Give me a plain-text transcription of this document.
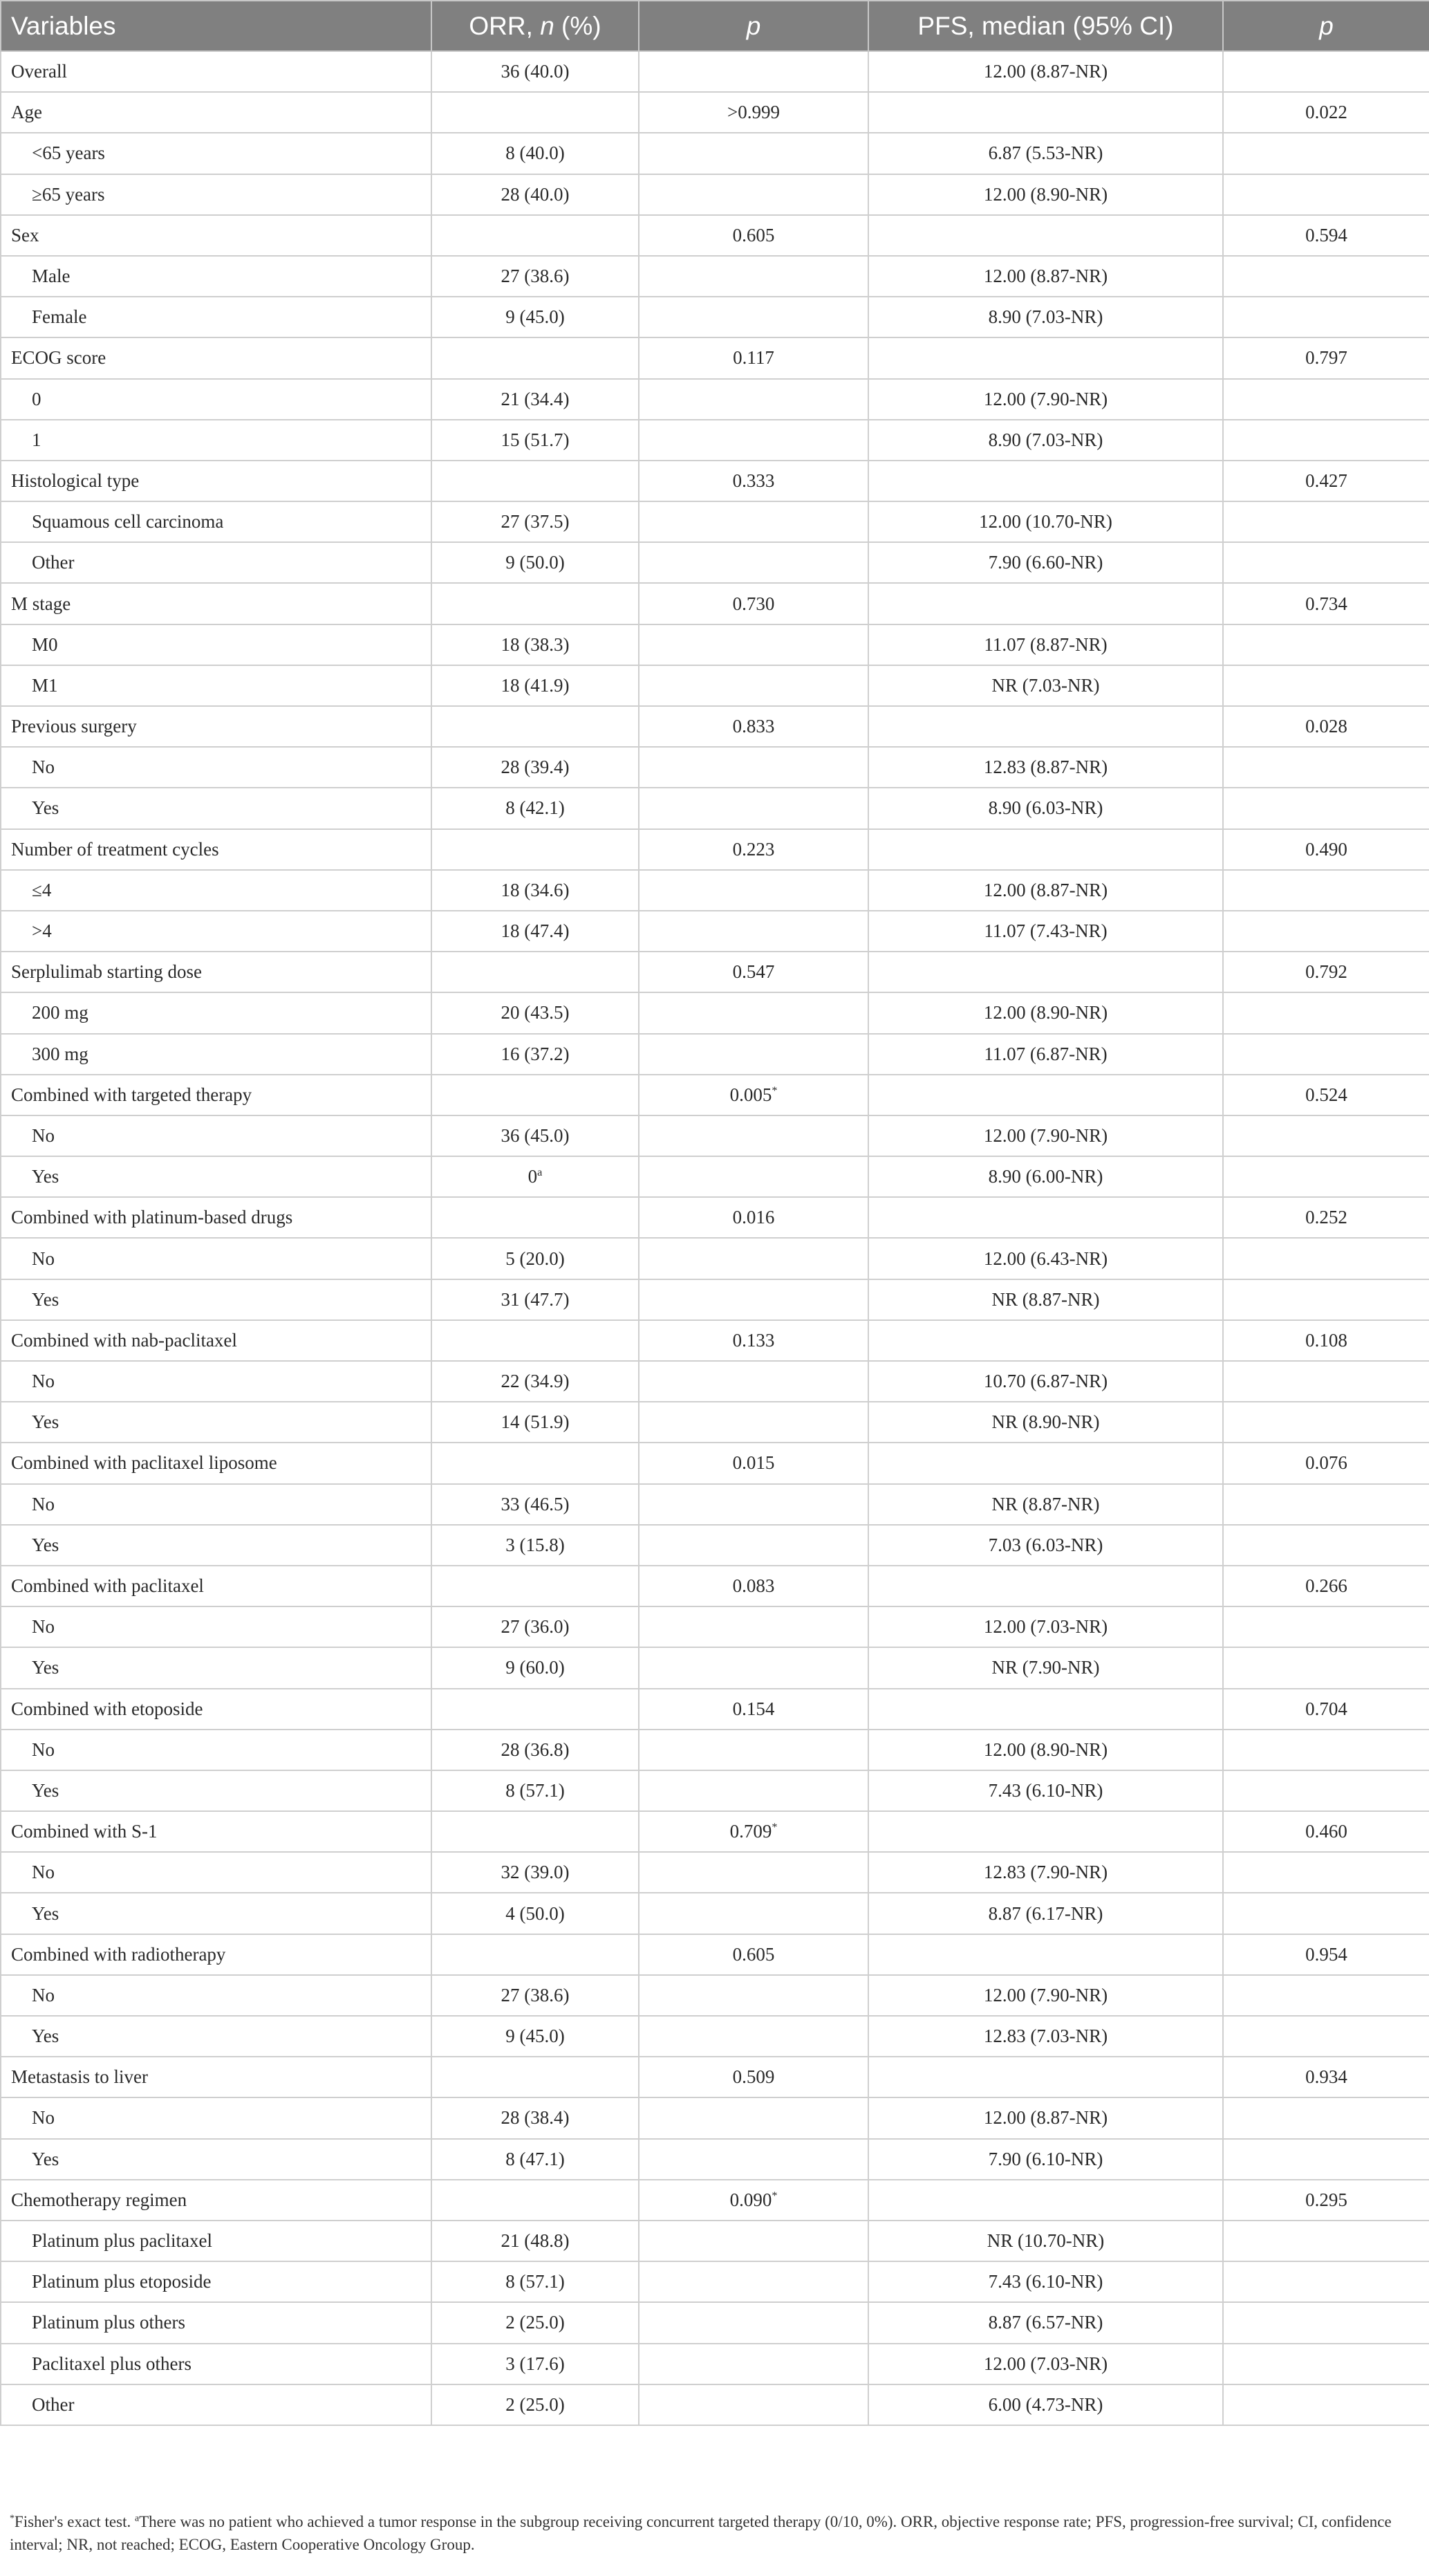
Variables	ORR, n (%)	p	PFS, median (95% CI)	p
Overall	36 (40.0)		12.00 (8.87-NR)	
Age		>0.999		0.022
<65 years	8 (40.0)		6.87 (5.53-NR)	
≥65 years	28 (40.0)		12.00 (8.90-NR)	
Sex		0.605		0.594
Male	27 (38.6)		12.00 (8.87-NR)	
Female	9 (45.0)		8.90 (7.03-NR)	
ECOG score		0.117		0.797
0	21 (34.4)		12.00 (7.90-NR)	
1	15 (51.7)		8.90 (7.03-NR)	
Histological type		0.333		0.427
Squamous cell carcinoma	27 (37.5)		12.00 (10.70-NR)	
Other	9 (50.0)		7.90 (6.60-NR)	
M stage		0.730		0.734
M0	18 (38.3)		11.07 (8.87-NR)	
M1	18 (41.9)		NR (7.03-NR)	
Previous surgery		0.833		0.028
No	28 (39.4)		12.83 (8.87-NR)	
Yes	8 (42.1)		8.90 (6.03-NR)	
Number of treatment cycles		0.223		0.490
≤4	18 (34.6)		12.00 (8.87-NR)	
>4	18 (47.4)		11.07 (7.43-NR)	
Serplulimab starting dose		0.547		0.792
200 mg	20 (43.5)		12.00 (8.90-NR)	
300 mg	16 (37.2)		11.07 (6.87-NR)	
Combined with targeted therapy		0.005*		0.524
No	36 (45.0)		12.00 (7.90-NR)	
Yes	0$^a$		8.90 (6.00-NR)	
Combined with platinum-based drugs		0.016		0.252
No	5 (20.0)		12.00 (6.43-NR)	
Yes	31 (47.7)		NR (8.87-NR)	
Combined with nab-paclitaxel		0.133		0.108
No	22 (34.9)		10.70 (6.87-NR)	
Yes	14 (51.9)		NR (8.90-NR)	
Combined with paclitaxel liposome		0.015		0.076
No	33 (46.5)		NR (8.87-NR)	
Yes	3 (15.8)		7.03 (6.03-NR)	
Combined with paclitaxel		0.083		0.266
No	27 (36.0)		12.00 (7.03-NR)	
Yes	9 (60.0)		NR (7.90-NR)	
Combined with etoposide		0.154		0.704
No	28 (36.8)		12.00 (8.90-NR)	
Yes	8 (57.1)		7.43 (6.10-NR)	
Combined with S-1		0.709*		0.460
No	32 (39.0)		12.83 (7.90-NR)	
Yes	4 (50.0)		8.87 (6.17-NR)	
Combined with radiotherapy		0.605		0.954
No	27 (38.6)		12.00 (7.90-NR)	
Yes	9 (45.0)		12.83 (7.03-NR)	
Metastasis to liver		0.509		0.934
No	28 (38.4)		12.00 (8.87-NR)	
Yes	8 (47.1)		7.90 (6.10-NR)	
Chemotherapy regimen		0.090*		0.295
Platinum plus paclitaxel	21 (48.8)		NR (10.70-NR)	
Platinum plus etoposide	8 (57.1)		7.43 (6.10-NR)	
Platinum plus others	2 (25.0)		8.87 (6.57-NR)	
Paclitaxel plus others	3 (17.6)		12.00 (7.03-NR)	
Other	2 (25.0)		6.00 (4.73-NR)	
*Fisher's exact test. $^a$There was no patient who achieved a tumor response in the subgroup receiving concurrent targeted therapy (0/10, 0%). ORR, objective response rate; PFS, progression-free survival; CI, confidence interval; NR, not reached; ECOG, Eastern Cooperative Oncology Group.
